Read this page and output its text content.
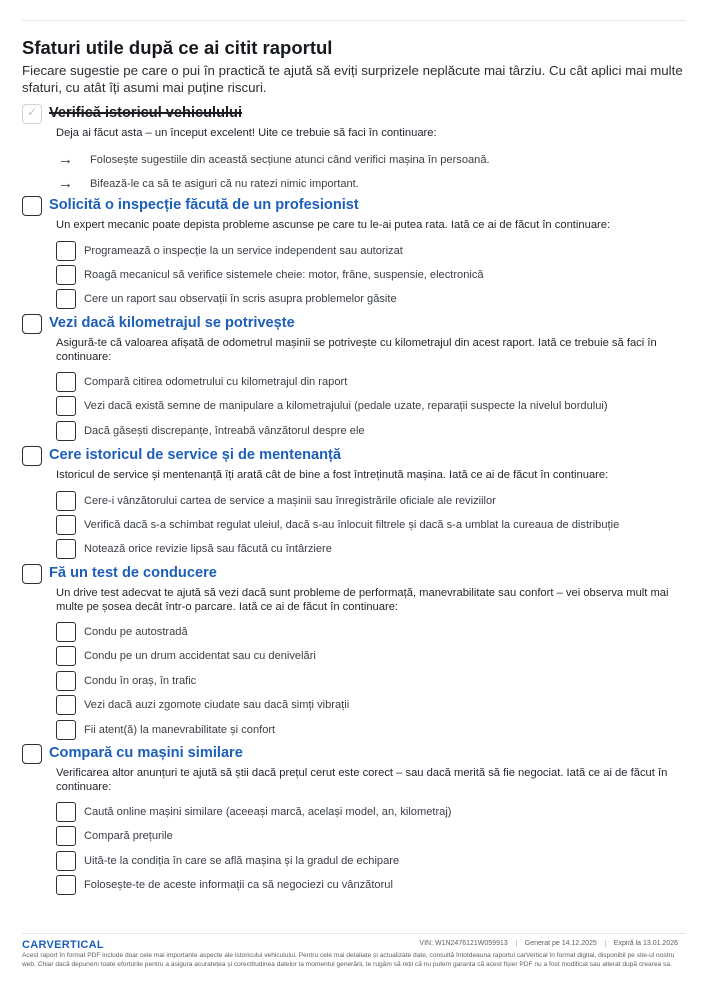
Sfaturi utile după ce ai citit raportul

Fiecare sugestie pe care o pui în practică te ajută să eviți surprizele neplăcute mai târziu. Cu cât aplici mai multe sfaturi, cu atât îți asumi mai puține riscuri.

✓ Verifică istoricul vehiculului
Deja ai făcut asta – un început excelent! Uite ce trebuie să faci în continuare:
→ Folosește sugestiile din această secțiune atunci când verifici mașina în persoană.
→ Bifează-le ca să te asiguri că nu ratezi nimic important.
Solicită o inspecție făcută de un profesionist
Un expert mecanic poate depista probleme ascunse pe care tu le-ai putea rata. Iată ce ai de făcut în continuare:
Programează o inspecție la un service independent sau autorizat
Roagă mecanicul să verifice sistemele cheie: motor, frâne, suspensie, electronică
Cere un raport sau observații în scris asupra problemelor găsite
Vezi dacă kilometrajul se potrivește
Asigură-te că valoarea afișată de odometrul mașinii se potrivește cu kilometrajul din acest raport. Iată ce trebuie să faci în continuare:
Compară citirea odometrului cu kilometrajul din raport
Vezi dacă există semne de manipulare a kilometrajului (pedale uzate, reparații suspecte la nivelul bordului)
Dacă găsești discrepanțe, întreabă vânzătorul despre ele
Cere istoricul de service și de mentenanță
Istoricul de service și mentenanță îți arată cât de bine a fost întreținută mașina. Iată ce ai de făcut în continuare:
Cere-i vânzătorului cartea de service a mașinii sau înregistrările oficiale ale reviziilor
Verifică dacă s-a schimbat regulat uleiul, dacă s-au înlocuit filtrele și dacă s-a umblat la cureaua de distribuție
Notează orice revizie lipsă sau făcută cu întârziere
Fă un test de conducere
Un drive test adecvat te ajută să vezi dacă sunt probleme de performață, manevrabilitate sau confort – vei observa mult mai multe pe șosea decât într-o parcare. Iată ce ai de făcut în continuare:
Condu pe autostradă
Condu pe un drum accidentat sau cu denivelări
Condu în oraș, în trafic
Vezi dacă auzi zgomote ciudate sau dacă simți vibrații
Fii atent(ă) la manevrabilitate și confort
Compară cu mașini similare
Verificarea altor anunțuri te ajută să știi dacă prețul cerut este corect – sau dacă merită să fie negociat. Iată ce ai de făcut în continuare:
Caută online mașini similare (aceeași marcă, același model, an, kilometraj)
Compară prețurile
Uită-te la condiția în care se află mașina și la gradul de echipare
Folosește-te de aceste informații ca să negociezi cu vânzătorul
CARVERTICAL	VIN: W1N2476121W059913	Generat pe 14.12.2025	Expiră la 13.01.2026

Acest raport în format PDF include doar cele mai importante aspecte ale istoricului vehiculului. Pentru cele mai detaliate și actualizate date, consultă întotdeauna raportul carVertical în format digital, disponibil pe site-ul nostru web. Chiar dacă depunem toate eforturile pentru a asigura acuratețea și corectitudinea datelor la momentul generării, te rugăm să reții că nu putem garanta că acest fișier PDF nu a fost modificat sau alterat după crearea sa.
